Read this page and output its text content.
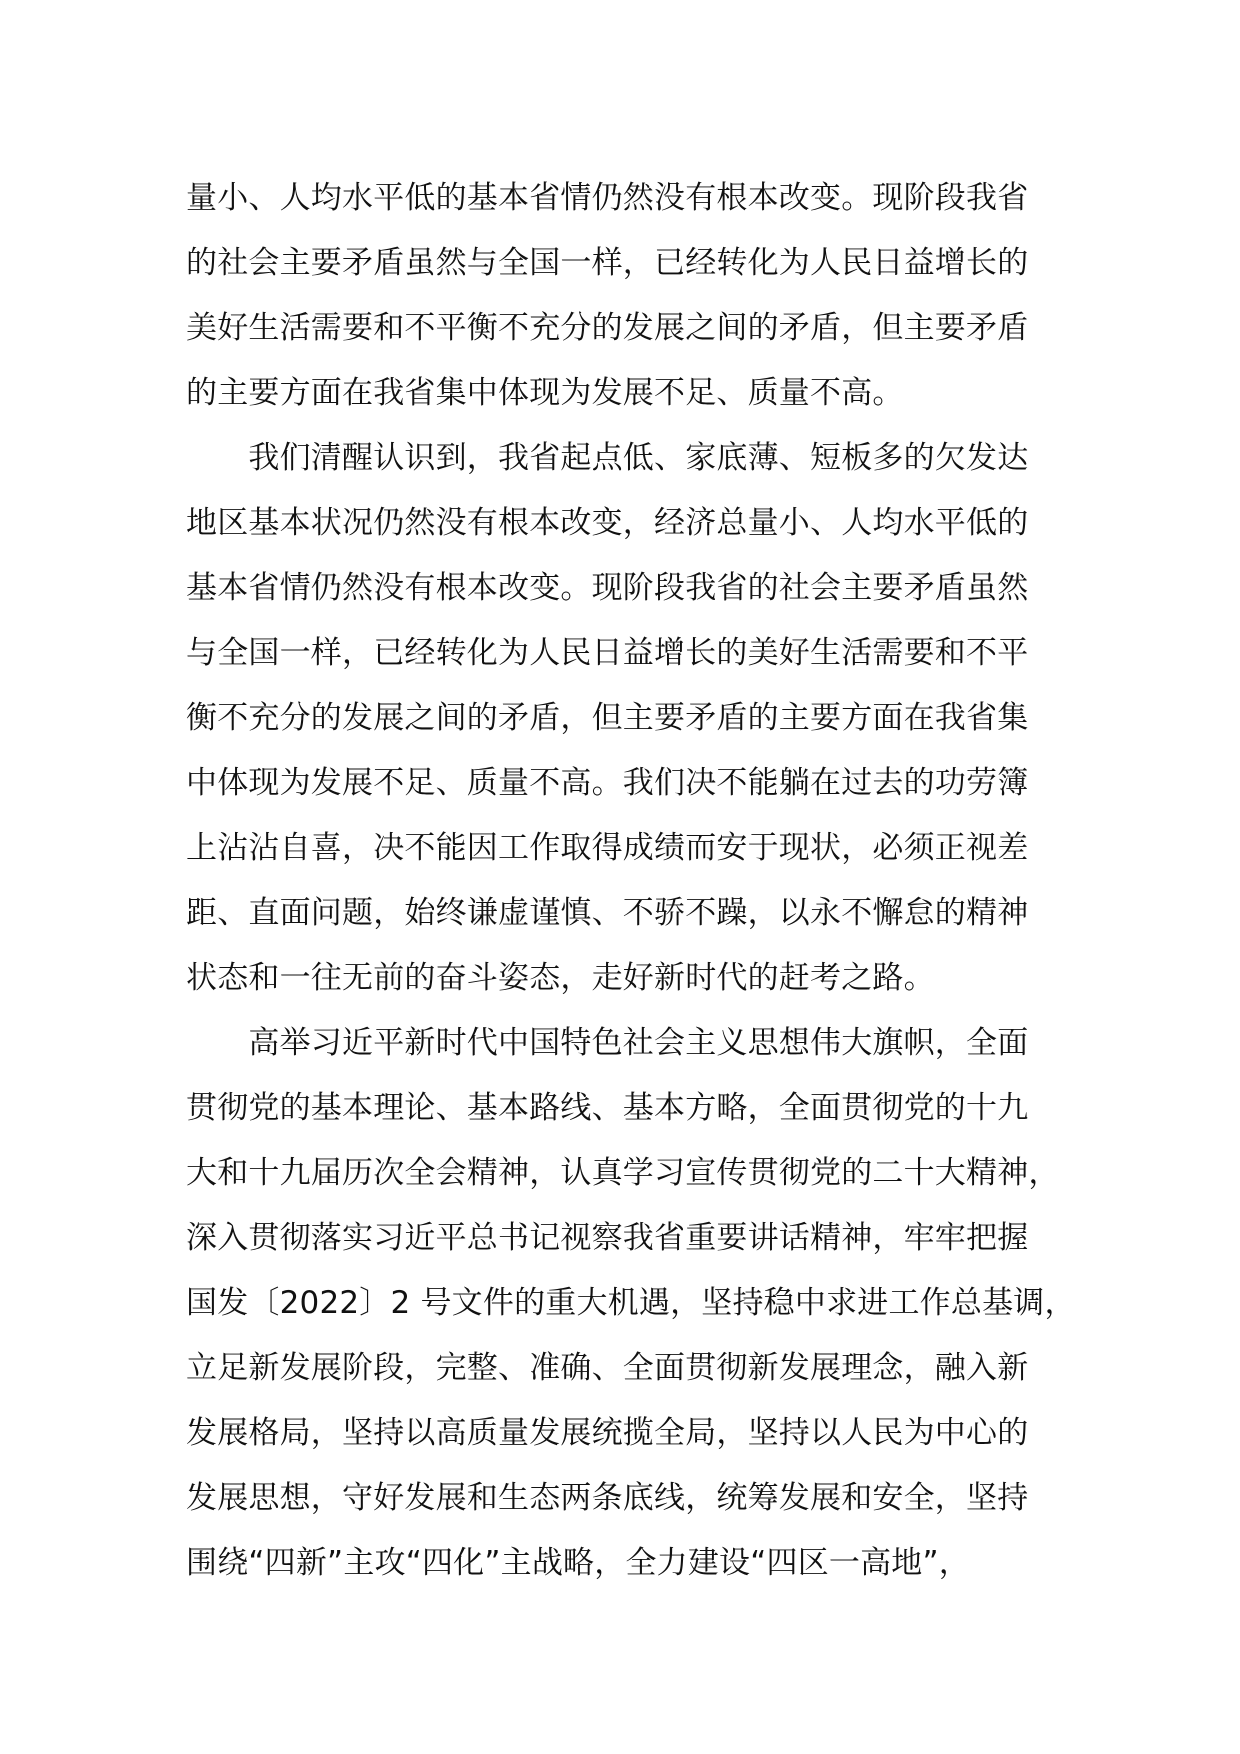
量小、人均水平低的基本省情仍然没有根本改变。现阶段我省
的社会主要矛盾虽然与全国一样，已经转化为人民日益增长的
美好生活需要和不平衡不充分的发展之间的矛盾，但主要矛盾
的主要方面在我省集中体现为发展不足、质量不高。
　　我们清醒认识到，我省起点低、家底薄、短板多的欠发达
地区基本状况仍然没有根本改变，经济总量小、人均水平低的
基本省情仍然没有根本改变。现阶段我省的社会主要矛盾虽然
与全国一样，已经转化为人民日益增长的美好生活需要和不平
衡不充分的发展之间的矛盾，但主要矛盾的主要方面在我省集
中体现为发展不足、质量不高。我们决不能躺在过去的功劳簿
上沾沾自喜，决不能因工作取得成绩而安于现状，必须正视差
距、直面问题，始终谦虚谨慎、不骄不躁，以永不懈怠的精神
状态和一往无前的奋斗姿态，走好新时代的赶考之路。
　　高举习近平新时代中国特色社会主义思想伟大旗帜，全面
贯彻党的基本理论、基本路线、基本方略，全面贯彻党的十九
大和十九届历次全会精神，认真学习宣传贯彻党的二十大精神，
深入贯彻落实习近平总书记视察我省重要讲话精神，牢牢把握
国发〔2022〕2 号文件的重大机遇，坚持稳中求进工作总基调，
立足新发展阶段，完整、准确、全面贯彻新发展理念，融入新
发展格局，坚持以高质量发展统揽全局，坚持以人民为中心的
发展思想，守好发展和生态两条底线，统筹发展和安全，坚持
围绕“四新”主攻“四化”主战略，全力建设“四区一高地”，
